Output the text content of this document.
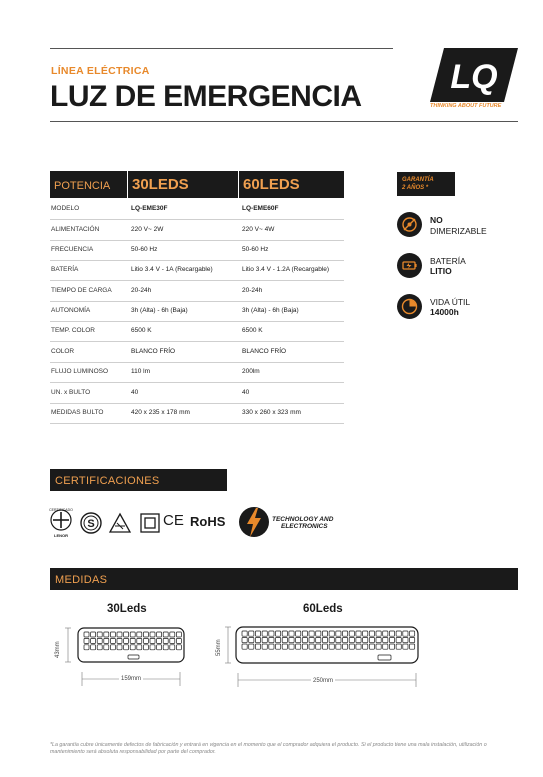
LÍNEA ELÉCTRICA
LUZ DE EMERGENCIA
LQ
THINKING ABOUT FUTURE
POTENCIA 30LEDS	60LEDS
MODELO	LQ-EME30F	LQ-EME60F
ALIMENTACIÓN	220 V~ 2W	220 V~ 4W
FRECUENCIA	50-60 Hz	50-60 Hz
BATERÍA	Litio 3.4 V - 1A (Recargable)	Litio 3.4 V - 1.2A (Recargable)
TIEMPO DE CARGA	20-24h	20-24h
AUTONOMÍA	3h (Alta) - 6h (Baja)	3h (Alta) - 6h (Baja)
TEMP. COLOR	6500 K	6500 K
COLOR	BLANCO FRÍO	BLANCO FRÍO
FLUJO LUMINOSO	110 lm	200lm
UN. x BULTO	40	40
MEDIDAS BULTO	420 x 235 x 178 mm	330 x 260 x 323 mm
GARANTÍA
2 AÑOS *
NO
DIMERIZABLE
BATERÍA
LITIO
VIDA ÚTIL
14000h
CERTIFICACIONES
CERTIFICADO
LENOR
S	CE RoHS	TECHNOLOGY AND
ELECTRONICS
MEDIDAS
30Leds	60Leds
43mm
159mm
55mm
250mm
*La garantía cubre únicamente defectos de fabricación y entrará en vigencia en el momento que el comprador adquiera el producto. Si el producto tiene una mala instalación, utilización o mantenimiento será absoluta responsabilidad por parte del comprador.
